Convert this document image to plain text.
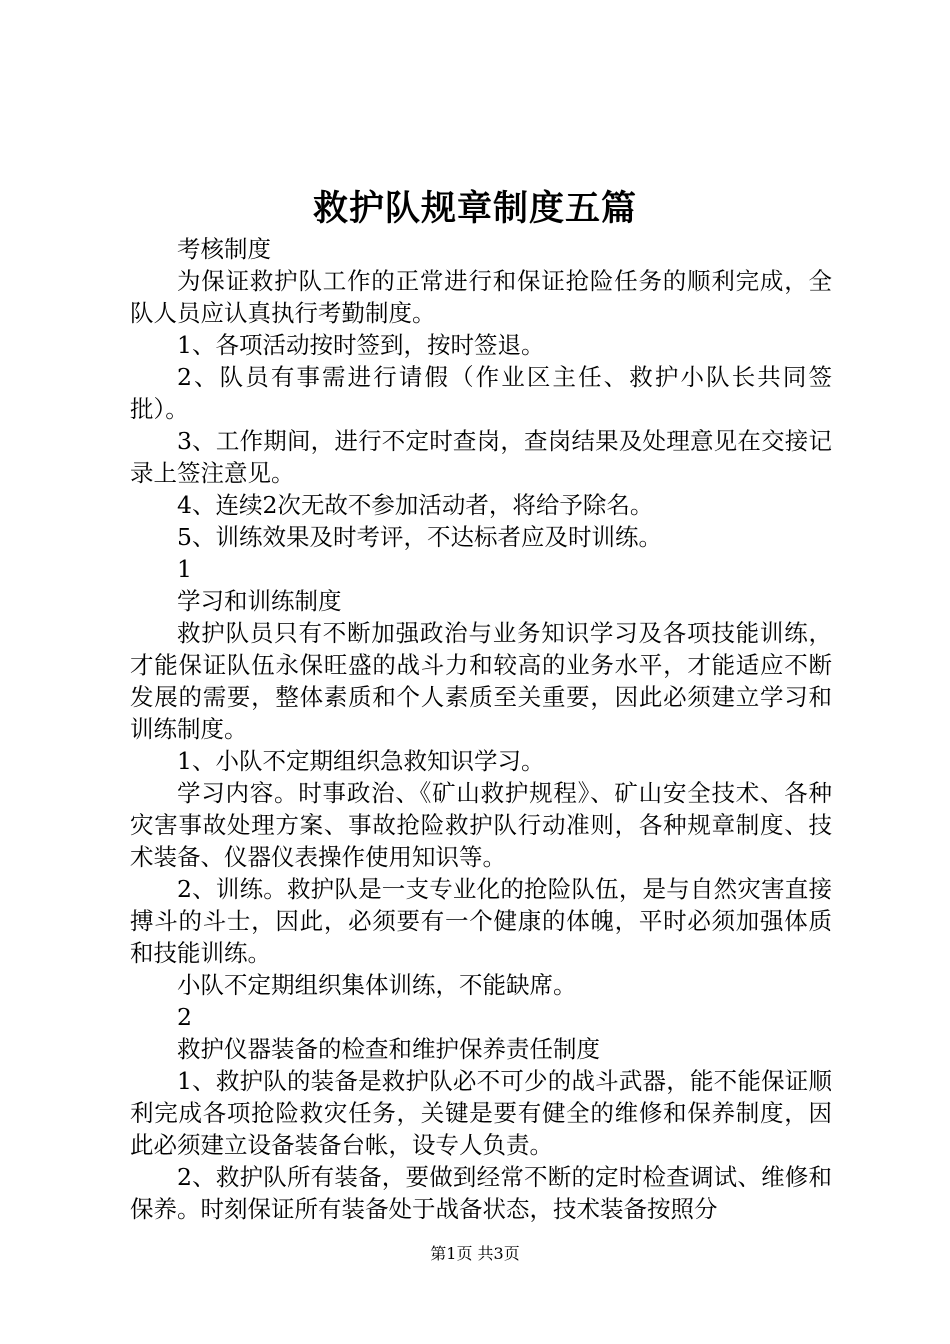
救护队规章制度五篇

考核制度

为保证救护队工作的正常进行和保证抢险任务的顺利完成，全队人员应认真执行考勤制度。

1、各项活动按时签到，按时签退。

2、队员有事需进行请假（作业区主任、救护小队长共同签批）。

3、工作期间，进行不定时查岗，查岗结果及处理意见在交接记录上签注意见。

4、连续2次无故不参加活动者，将给予除名。

5、训练效果及时考评，不达标者应及时训练。

1

学习和训练制度

救护队员只有不断加强政治与业务知识学习及各项技能训练，才能保证队伍永保旺盛的战斗力和较高的业务水平，才能适应不断发展的需要，整体素质和个人素质至关重要，因此必须建立学习和训练制度。

1、小队不定期组织急救知识学习。

学习内容。时事政治、《矿山救护规程》、矿山安全技术、各种灾害事故处理方案、事故抢险救护队行动准则，各种规章制度、技术装备、仪器仪表操作使用知识等。

2、训练。救护队是一支专业化的抢险队伍，是与自然灾害直接搏斗的斗士，因此，必须要有一个健康的体魄，平时必须加强体质和技能训练。

小队不定期组织集体训练，不能缺席。

2

救护仪器装备的检查和维护保养责任制度

1、救护队的装备是救护队必不可少的战斗武器，能不能保证顺利完成各项抢险救灾任务，关键是要有健全的维修和保养制度，因此必须建立设备装备台帐，设专人负责。

2、救护队所有装备，要做到经常不断的定时检查调试、维修和保养。时刻保证所有装备处于战备状态，技术装备按照分

第1页 共3页
